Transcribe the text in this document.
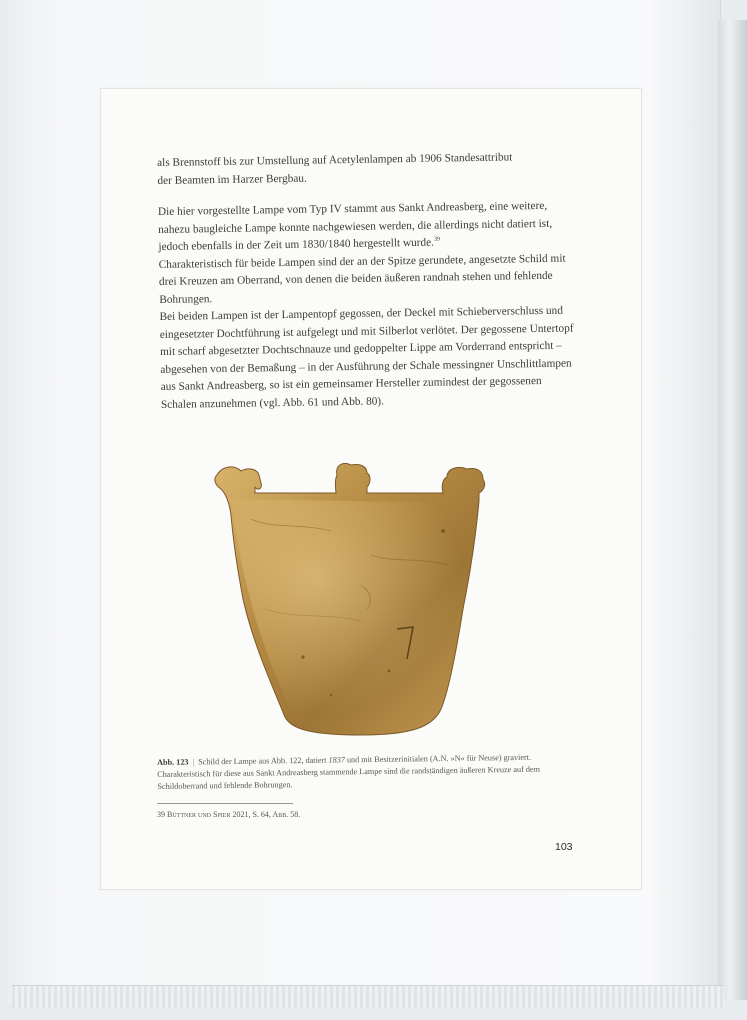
als Brennstoff bis zur Umstellung auf Acetylenlampen ab 1906 Standesattribut

der Beamten im Harzer Bergbau.

Die hier vorgestellte Lampe vom Typ IV stammt aus Sankt Andreasberg, eine weitere, nahezu baugleiche Lampe konnte nachgewiesen werden, die allerdings nicht datiert ist, jedoch ebenfalls in der Zeit um 1830/1840 hergestellt wurde.$^{39}$

Charakteristisch für beide Lampen sind der an der Spitze gerundete, angesetzte Schild mit drei Kreuzen am Oberrand, von denen die beiden äußeren randnah stehen und fehlende Bohrungen.

Bei beiden Lampen ist der Lampentopf gegossen, der Deckel mit Schieberverschluss und eingesetzter Dochtführung ist aufgelegt und mit Silberlot verlötet. Der gegossene Untertopf mit scharf abgesetzter Dochtschnauze und gedoppelter Lippe am Vorderrand entspricht – abgesehen von der Bemaßung – in der Ausführung der Schale messingner Unschlittlampen aus Sankt Andreasberg, so ist ein gemeinsamer Hersteller zumindest der gegossenen Schalen anzunehmen (vgl. Abb. 61 und Abb. 80).

Abb. 123 | Schild der Lampe aus Abb. 122, datiert 1837 und mit Besitzerinitialen (A.N. »N« für Neuse) graviert. Charakteristisch für diese aus Sankt Andreasberg stammende Lampe sind die randständigen äußeren Kreuze auf dem Schildoberrand und fehlende Bohrungen.
39 Büttner und Spier 2021, S. 64, Abb. 58.
103
